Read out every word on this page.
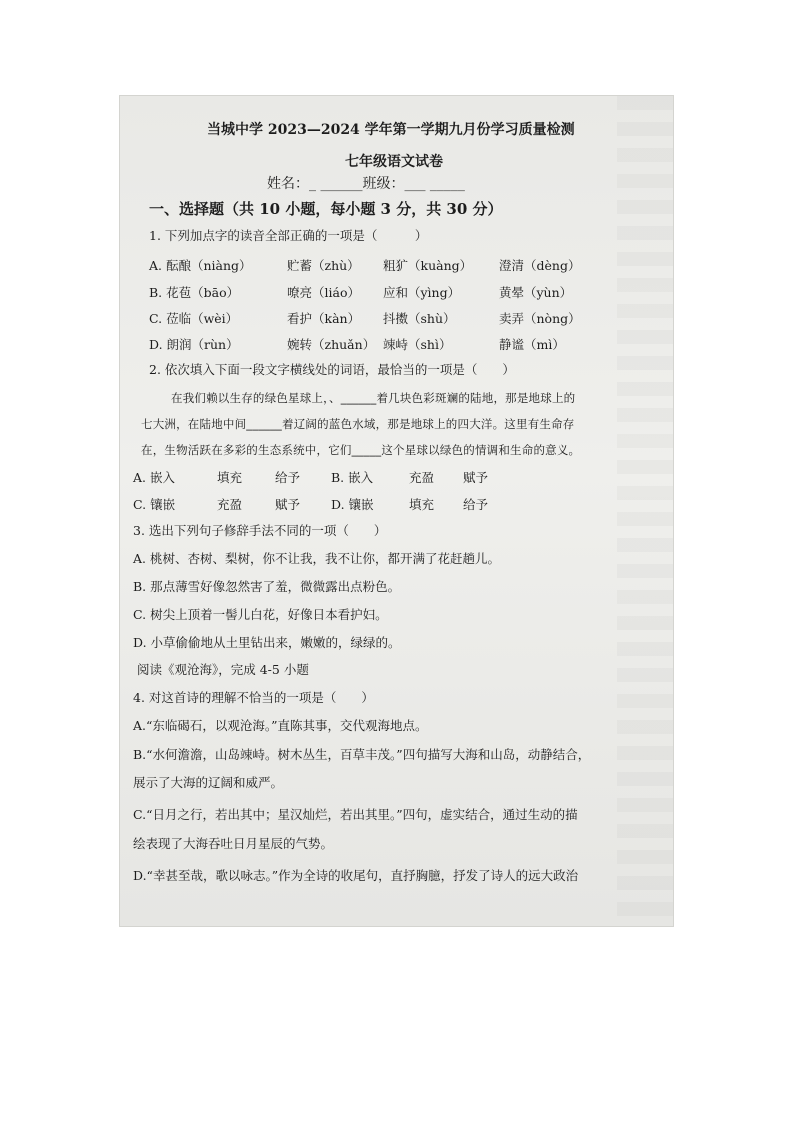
当城中学 2023—2024 学年第一学期九月份学习质量检测
七年级语文试卷
姓名：_ ______班级：___ _____
一、选择题（共 10 小题，每小题 3 分，共 30 分）
1. 下列加点字的读音全部正确的一项是（　　　）
A. 酝酿（niàng）	贮蓄（zhù） 粗犷（kuàng） 澄清（dèng）
B. 花苞（bāo）	嘹亮（liáo） 应和（yìng）	黄晕（yùn）
C. 莅临（wèi）	看护（kàn） 抖擞（shù）	卖弄（nòng）
D. 朗润（rùn）	婉转（zhuǎn） 竦峙（shì）	静谧（mì）
2. 依次填入下面一段文字横线处的词语，最恰当的一项是（　　）
在我们赖以生存的绿色星球上，、______着几块色彩斑斓的陆地，那是地球上的
七大洲，在陆地中间______着辽阔的蓝色水域，那是地球上的四大洋。这里有生命存
在，生物活跃在多彩的生态系统中，它们_____这个星球以绿色的情调和生命的意义。
A. 嵌入	填充	给予 B. 嵌入	充盈 赋予
C. 镶嵌	充盈	赋予 D. 镶嵌	填充 给予
3. 选出下列句子修辞手法不同的一项（　　）
A. 桃树、杏树、梨树，你不让我，我不让你，都开满了花赶趟儿。
B. 那点薄雪好像忽然害了羞，微微露出点粉色。
C. 树尖上顶着一髻儿白花，好像日本看护妇。
D. 小草偷偷地从土里钻出来，嫩嫩的，绿绿的。
阅读《观沧海》，完成 4-5 小题
4. 对这首诗的理解不恰当的一项是（　　）
A.“东临碣石，以观沧海。”直陈其事，交代观海地点。
B.“水何澹澹，山岛竦峙。树木丛生，百草丰茂。”四句描写大海和山岛，动静结合，
展示了大海的辽阔和威严。
C.“日月之行，若出其中；星汉灿烂，若出其里。”四句，虚实结合，通过生动的描
绘表现了大海吞吐日月星辰的气势。
D.“幸甚至哉，歌以咏志。”作为全诗的收尾句，直抒胸臆，抒发了诗人的远大政治
